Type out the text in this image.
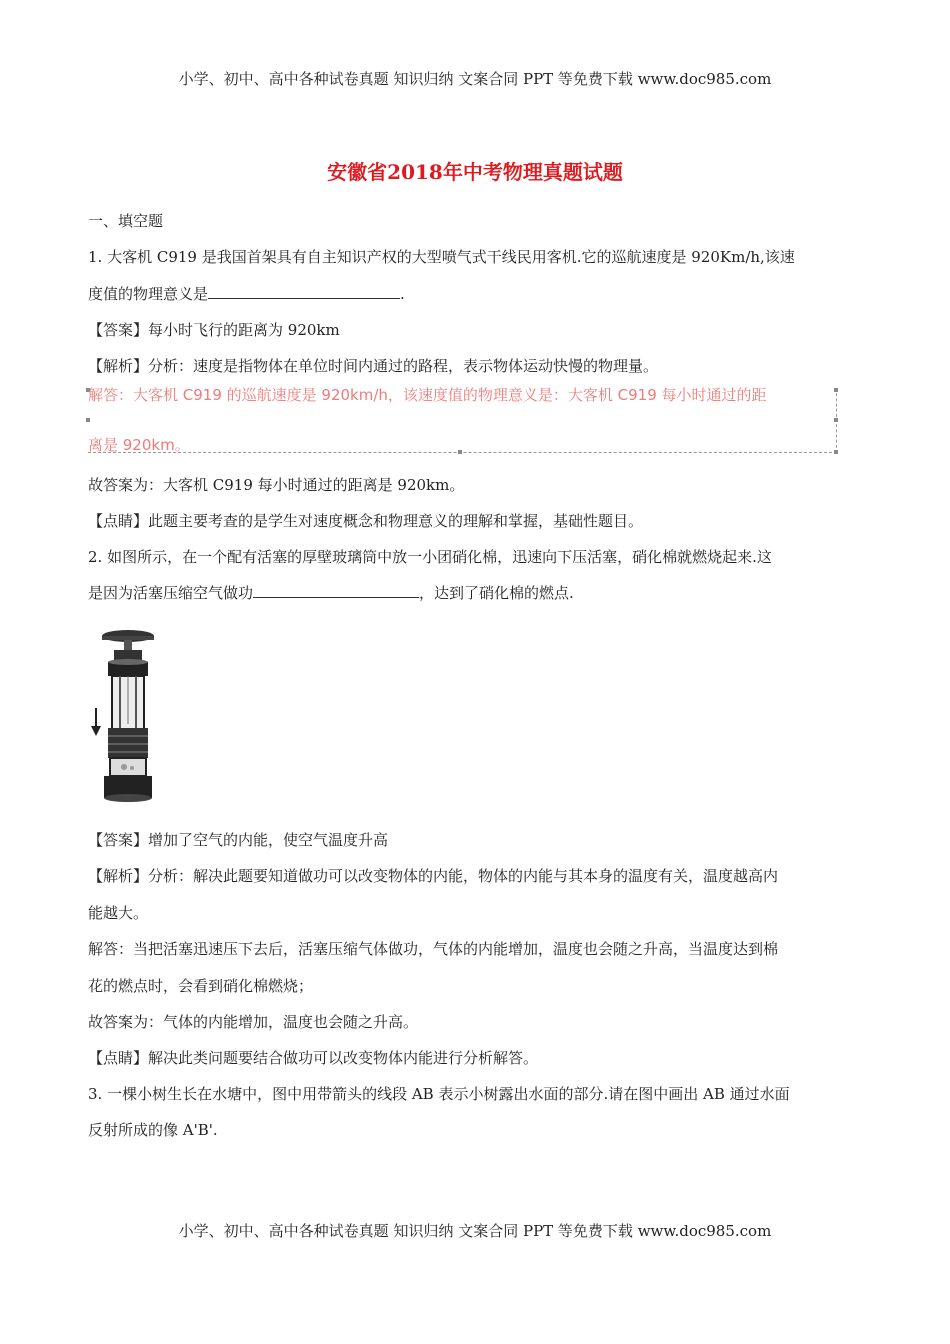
小学、初中、高中各种试卷真题 知识归纳 文案合同 PPT 等免费下载 www.doc985.com
安徽省2018年中考物理真题试题
一、填空题
1. 大客机 C919 是我国首架具有自主知识产权的大型喷气式干线民用客机.它的巡航速度是 920Km/h,该速
度值的物理意义是	.
【答案】每小时飞行的距离为 920km
【解析】分析：速度是指物体在单位时间内通过的路程，表示物体运动快慢的物理量。
解答：大客机 C919 的巡航速度是 920km/h，该速度值的物理意义是：大客机 C919 每小时通过的距
离是 920km。
故答案为：大客机 C919 每小时通过的距离是 920km。
【点睛】此题主要考查的是学生对速度概念和物理意义的理解和掌握，基础性题目。
2. 如图所示，在一个配有活塞的厚壁玻璃筒中放一小团硝化棉，迅速向下压活塞，硝化棉就燃烧起来.这
是因为活塞压缩空气做功	，达到了硝化棉的燃点.
【答案】增加了空气的内能，使空气温度升高
【解析】分析：解决此题要知道做功可以改变物体的内能，物体的内能与其本身的温度有关，温度越高内
能越大。
解答：当把活塞迅速压下去后，活塞压缩气体做功，气体的内能增加，温度也会随之升高，当温度达到棉
花的燃点时，会看到硝化棉燃烧；
故答案为：气体的内能增加，温度也会随之升高。
【点睛】解决此类问题要结合做功可以改变物体内能进行分析解答。
3. 一棵小树生长在水塘中，图中用带箭头的线段 AB 表示小树露出水面的部分.请在图中画出 AB 通过水面
反射所成的像 A'B'.
小学、初中、高中各种试卷真题 知识归纳 文案合同 PPT 等免费下载 www.doc985.com
